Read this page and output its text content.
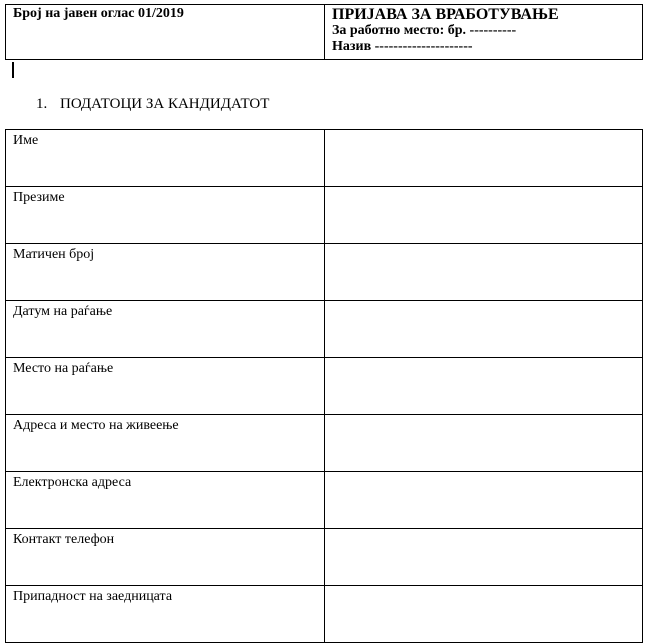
Број на јавен оглас 01/2019	ПРИЈАВА ЗА ВРАБОТУВАЊЕ
За работно место: бр. ----------
Назив ---------------------
1. ПОДАТОЦИ ЗА КАНДИДАТОТ
Име	
Презиме	
Матичен број	
Датум на раѓање	
Место на раѓање	
Адреса и место на живеење	
Електронска адреса	
Контакт телефон	
Припадност на заедницата	
